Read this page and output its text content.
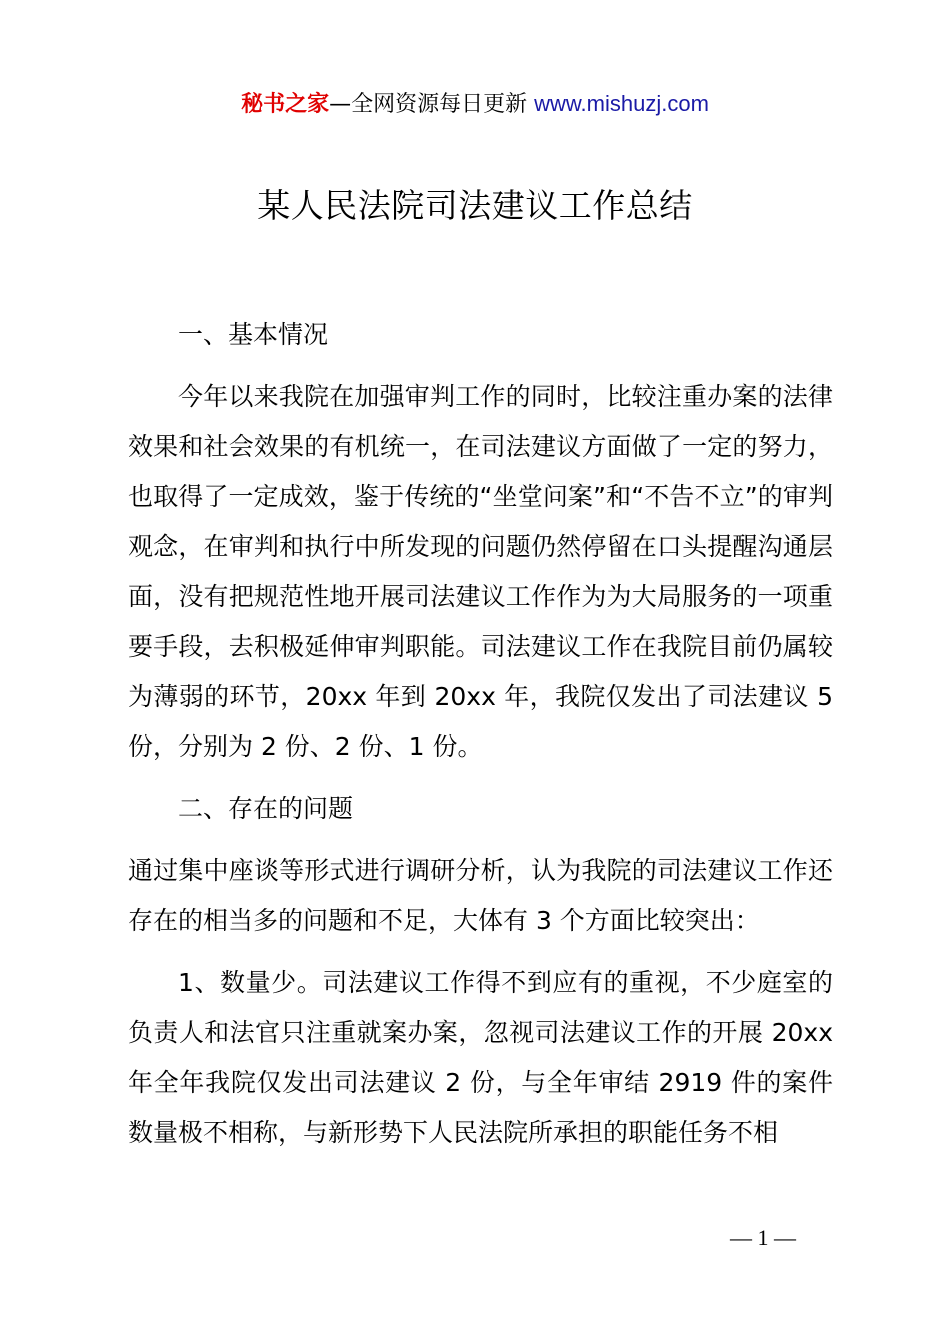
秘书之家—全网资源每日更新 www.mishuzj.com
某人民法院司法建议工作总结

一、基本情况

今年以来我院在加强审判工作的同时，比较注重办案的法律效果和社会效果的有机统一，在司法建议方面做了一定的努力，也取得了一定成效，鉴于传统的“坐堂问案”和“不告不立”的审判观念，在审判和执行中所发现的问题仍然停留在口头提醒沟通层面，没有把规范性地开展司法建议工作作为为大局服务的一项重要手段，去积极延伸审判职能。司法建议工作在我院目前仍属较为薄弱的环节，20xx 年到 20xx 年，我院仅发出了司法建议 5 份，分别为 2 份、2 份、1 份。

二、存在的问题

通过集中座谈等形式进行调研分析，认为我院的司法建议工作还存在的相当多的问题和不足，大体有 3 个方面比较突出：

1、数量少。司法建议工作得不到应有的重视，不少庭室的负责人和法官只注重就案办案，忽视司法建议工作的开展 20xx 年全年我院仅发出司法建议 2 份，与全年审结 2919 件的案件数量极不相称，与新形势下人民法院所承担的职能任务不相

— 1 —
